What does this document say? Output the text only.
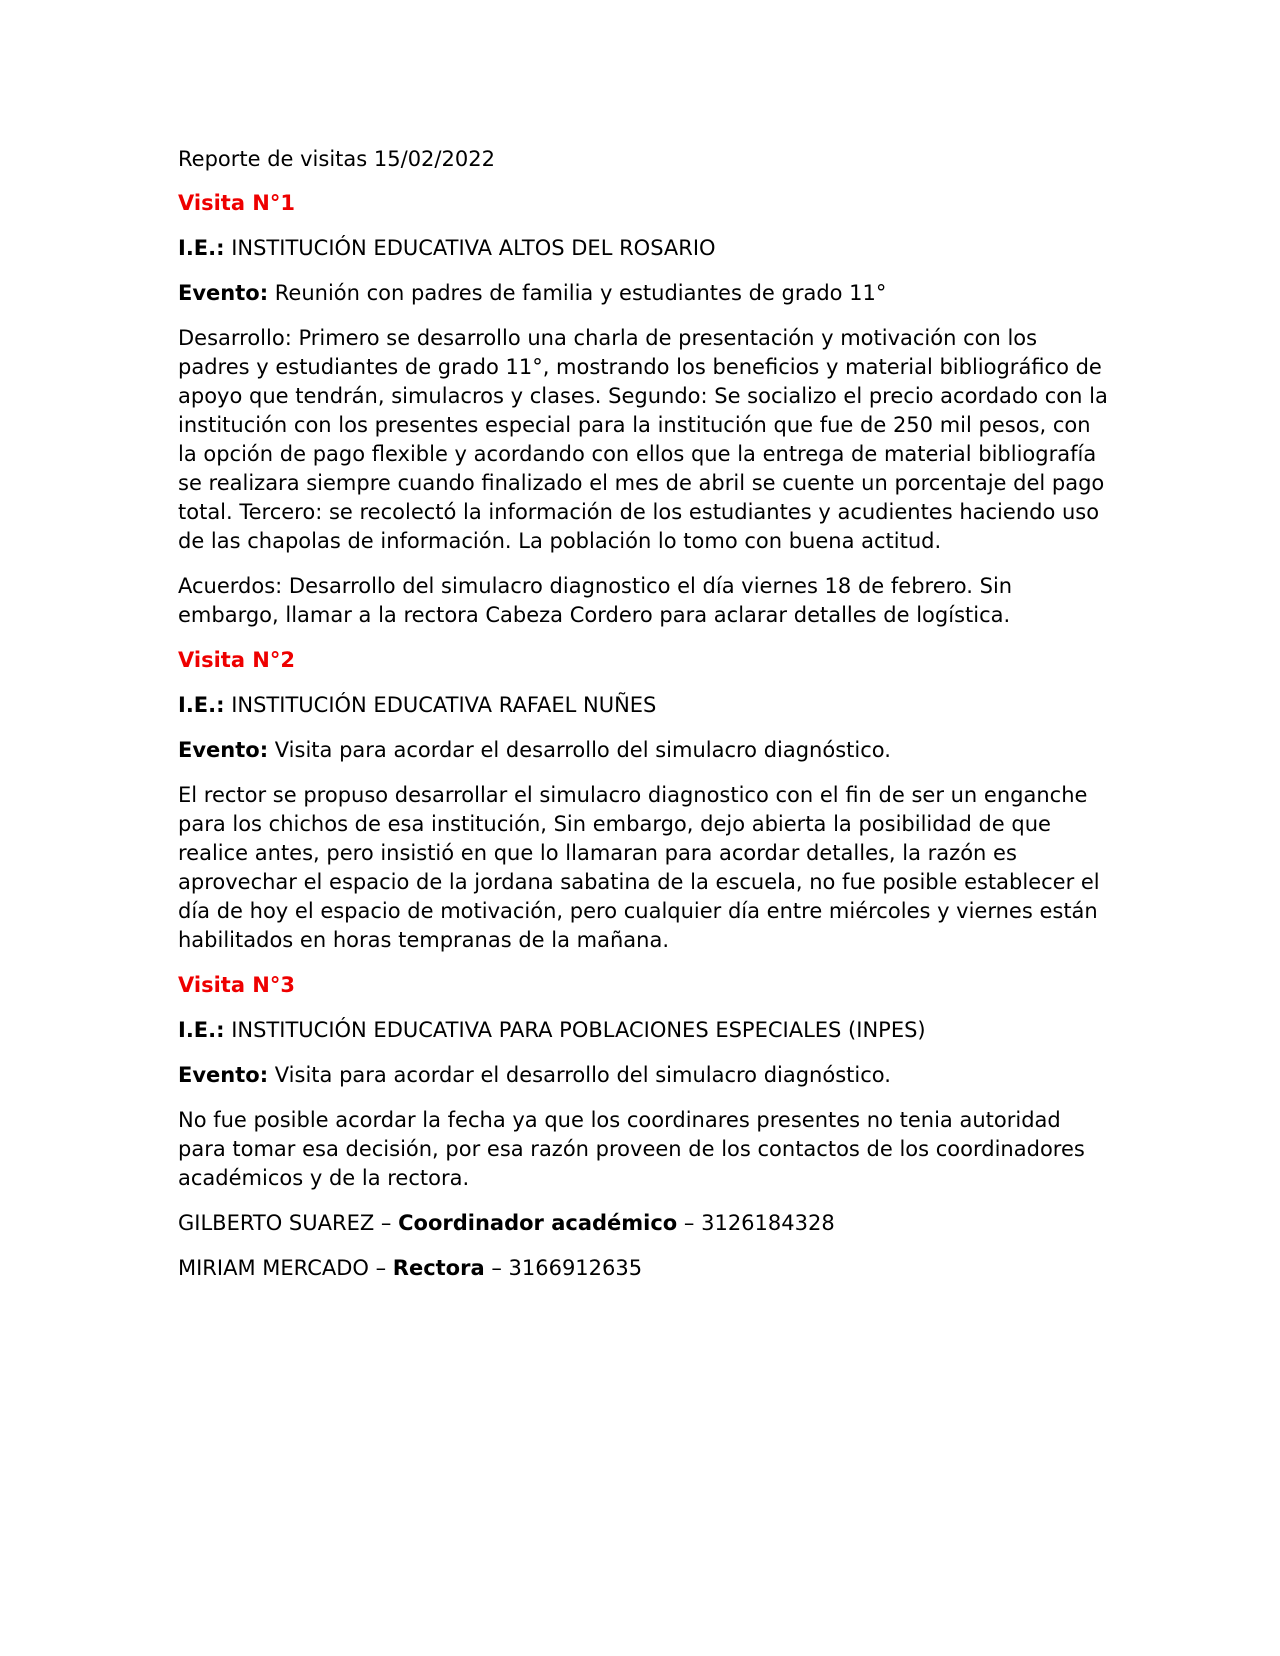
Reporte de visitas 15/02/2022

Visita N°1

I.E.: INSTITUCIÓN EDUCATIVA ALTOS DEL ROSARIO

Evento: Reunión con padres de familia y estudiantes de grado 11°

Desarrollo: Primero se desarrollo una charla de presentación y motivación con los padres y estudiantes de grado 11°, mostrando los beneficios y material bibliográfico de apoyo que tendrán, simulacros y clases. Segundo: Se socializo el precio acordado con la institución con los presentes especial para la institución que fue de 250 mil pesos, con la opción de pago flexible y acordando con ellos que la entrega de material bibliografía se realizara siempre cuando finalizado el mes de abril se cuente un porcentaje del pago total. Tercero: se recolectó la información de los estudiantes y acudientes haciendo uso de las chapolas de información. La población lo tomo con buena actitud.

Acuerdos: Desarrollo del simulacro diagnostico el día viernes 18 de febrero. Sin embargo, llamar a la rectora Cabeza Cordero para aclarar detalles de logística.

Visita N°2

I.E.: INSTITUCIÓN EDUCATIVA RAFAEL NUÑES

Evento: Visita para acordar el desarrollo del simulacro diagnóstico.

El rector se propuso desarrollar el simulacro diagnostico con el fin de ser un enganche para los chichos de esa institución, Sin embargo, dejo abierta la posibilidad de que realice antes, pero insistió en que lo llamaran para acordar detalles, la razón es aprovechar el espacio de la jordana sabatina de la escuela, no fue posible establecer el día de hoy el espacio de motivación, pero cualquier día entre miércoles y viernes están habilitados en horas tempranas de la mañana.

Visita N°3

I.E.: INSTITUCIÓN EDUCATIVA PARA POBLACIONES ESPECIALES (INPES)

Evento: Visita para acordar el desarrollo del simulacro diagnóstico.

No fue posible acordar la fecha ya que los coordinares presentes no tenia autoridad para tomar esa decisión, por esa razón proveen de los contactos de los coordinadores académicos y de la rectora.

GILBERTO SUAREZ – Coordinador académico – 3126184328

MIRIAM MERCADO – Rectora – 3166912635
